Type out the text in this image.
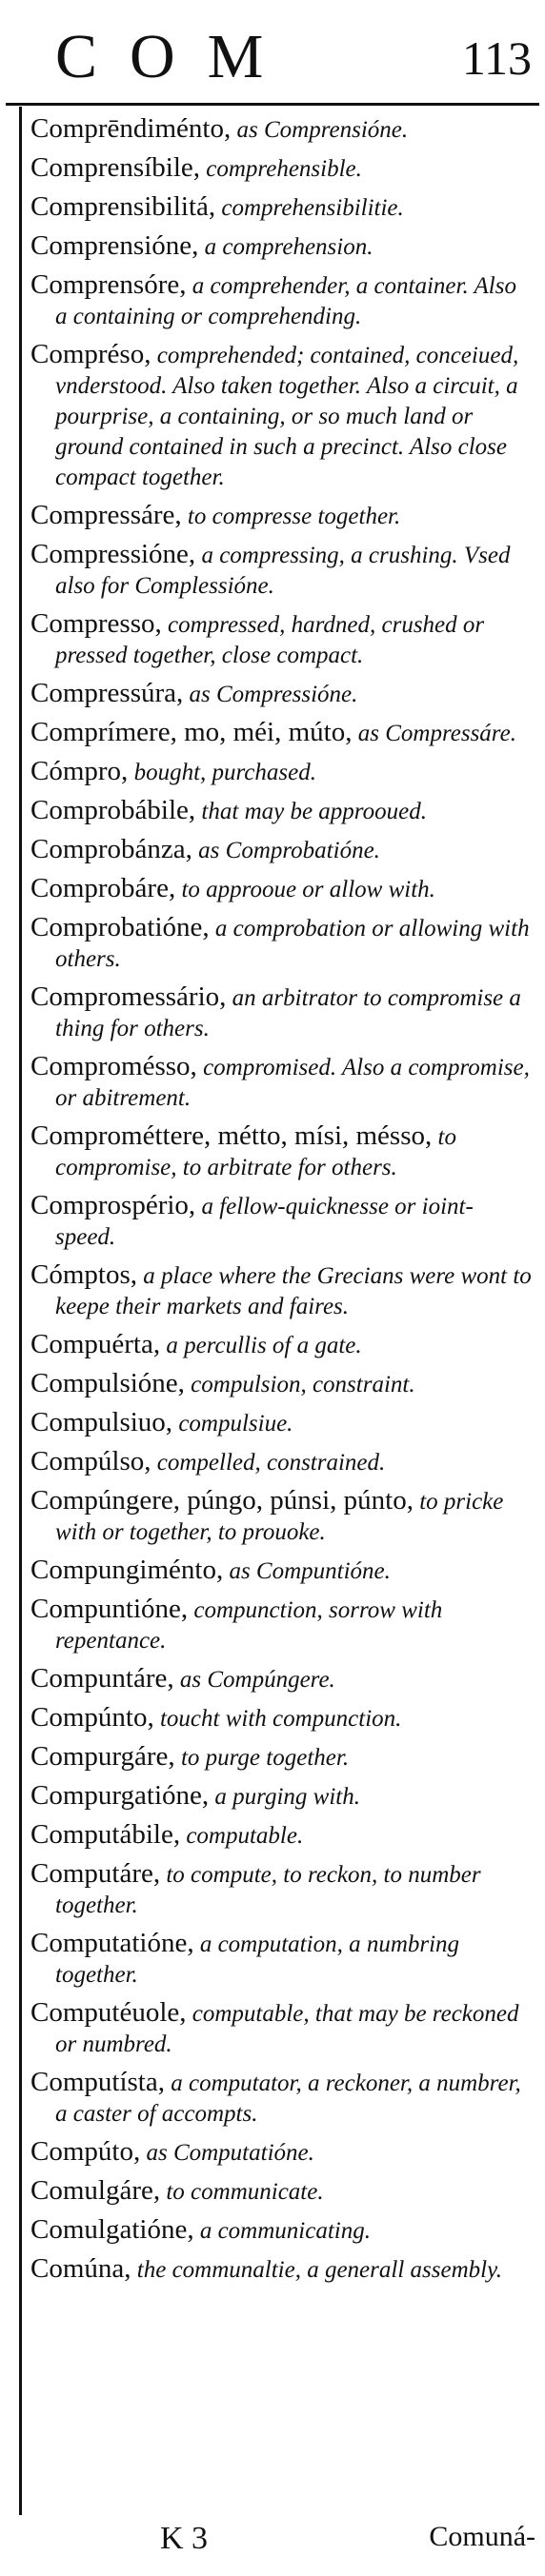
COM	113
Comprēndiménto, as Comprensióne.
Comprensíbile, comprehensible.
Comprensibilitá, comprehensibilitie.
Comprensióne, a comprehension.
Comprensóre, a comprehender, a container. Also a containing or comprehending.
Compréso, comprehended; contained, conceiued, vnderstood. Also taken together. Also a circuit, a pourprise, a containing, or so much land or ground contained in such a precinct. Also close compact together.
Compressáre, to compresse together.
Compressióne, a compressing, a crushing. Vsed also for Complessióne.
Compresso, compressed, hardned, crushed or pressed together, close compact.
Compressúra, as Compressióne.
Comprímere, mo, méi, múto, as Compressáre.
Cómpro, bought, purchased.
Comprobábile, that may be approoued.
Comprobánza, as Comprobatióne.
Comprobáre, to approoue or allow with.
Comprobatióne, a comprobation or allowing with others.
Compromessário, an arbitrator to compromise a thing for others.
Compromésso, compromised. Also a compromise, or abitrement.
Comprométtere, métto, mísi, mésso, to compromise, to arbitrate for others.
Comprospério, a fellow-quicknesse or ioint-speed.
Cómptos, a place where the Grecians were wont to keepe their markets and faires.
Compuérta, a percullis of a gate.
Compulsióne, compulsion, constraint.
Compulsiuo, compulsiue.
Compúlso, compelled, constrained.
Compúngere, púngo, púnsi, púnto, to pricke with or together, to prouoke.
Compungiménto, as Compuntióne.
Compuntióne, compunction, sorrow with repentance.
Compuntáre, as Compúngere.
Compúnto, toucht with compunction.
Compurgáre, to purge together.
Compurgatióne, a purging with.
Computábile, computable.
Computáre, to compute, to reckon, to number together.
Computatióne, a computation, a numbring together.
Computéuole, computable, that may be reckoned or numbred.
Computísta, a computator, a reckoner, a numbrer, a caster of accompts.
Compúto, as Computatióne.
Comulgáre, to communicate.
Comulgatióne, a communicating.
Comúna, the communaltie, a generall assembly.
K 3	Comuná-
